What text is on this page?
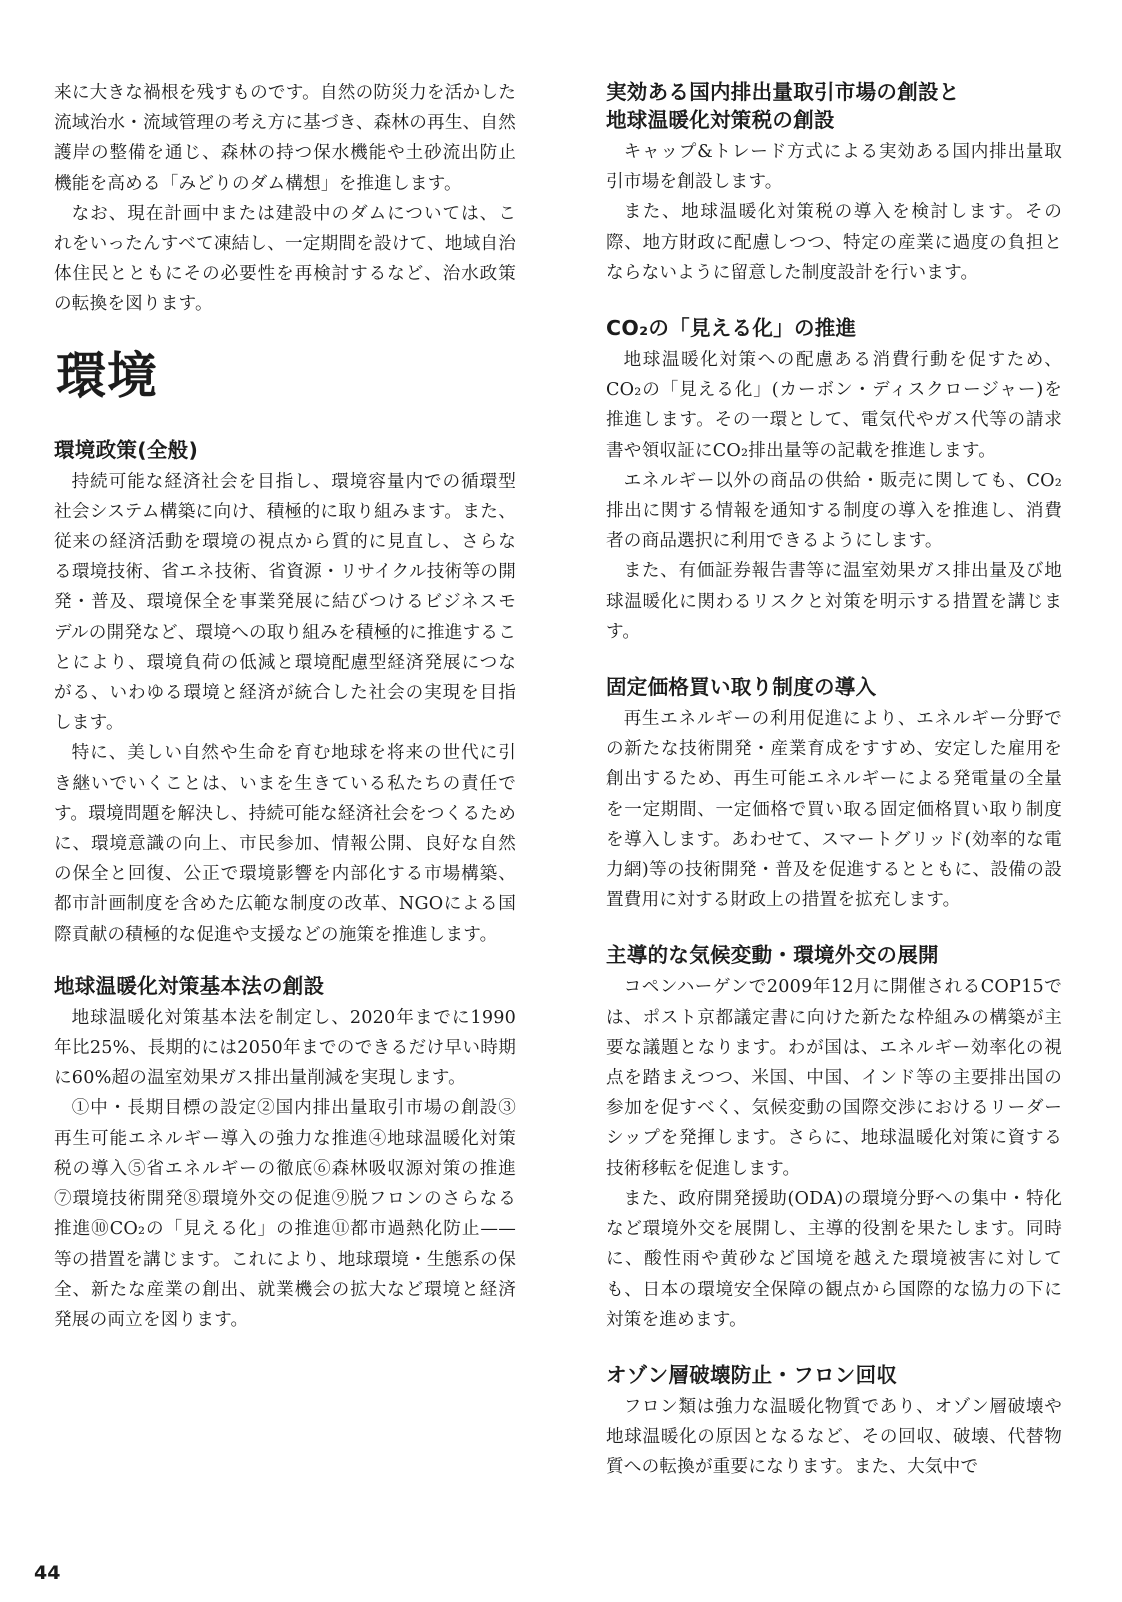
来に大きな禍根を残すものです。自然の防災力を活かした流域治水・流域管理の考え方に基づき、森林の再生、自然護岸の整備を通じ、森林の持つ保水機能や土砂流出防止機能を高める「みどりのダム構想」を推進します。

なお、現在計画中または建設中のダムについては、これをいったんすべて凍結し、一定期間を設けて、地域自治体住民とともにその必要性を再検討するなど、治水政策の転換を図ります。

環境
環境政策(全般)

持続可能な経済社会を目指し、環境容量内での循環型社会システム構築に向け、積極的に取り組みます。また、従来の経済活動を環境の視点から質的に見直し、さらなる環境技術、省エネ技術、省資源・リサイクル技術等の開発・普及、環境保全を事業発展に結びつけるビジネスモデルの開発など、環境への取り組みを積極的に推進することにより、環境負荷の低減と環境配慮型経済発展につながる、いわゆる環境と経済が統合した社会の実現を目指します。

特に、美しい自然や生命を育む地球を将来の世代に引き継いでいくことは、いまを生きている私たちの責任です。環境問題を解決し、持続可能な経済社会をつくるために、環境意識の向上、市民参加、情報公開、良好な自然の保全と回復、公正で環境影響を内部化する市場構築、都市計画制度を含めた広範な制度の改革、NGOによる国際貢献の積極的な促進や支援などの施策を推進します。

地球温暖化対策基本法の創設

地球温暖化対策基本法を制定し、2020年までに1990年比25%、長期的には2050年までのできるだけ早い時期に60%超の温室効果ガス排出量削減を実現します。

①中・長期目標の設定②国内排出量取引市場の創設③再生可能エネルギー導入の強力な推進④地球温暖化対策税の導入⑤省エネルギーの徹底⑥森林吸収源対策の推進⑦環境技術開発⑧環境外交の促進⑨脱フロンのさらなる推進⑩CO₂の「見える化」の推進⑪都市過熱化防止——等の措置を講じます。これにより、地球環境・生態系の保全、新たな産業の創出、就業機会の拡大など環境と経済発展の両立を図ります。

実効ある国内排出量取引市場の創設と
地球温暖化対策税の創設

キャップ&トレード方式による実効ある国内排出量取引市場を創設します。

また、地球温暖化対策税の導入を検討します。その際、地方財政に配慮しつつ、特定の産業に過度の負担とならないように留意した制度設計を行います。

CO₂の「見える化」の推進

地球温暖化対策への配慮ある消費行動を促すため、CO₂の「見える化」(カーボン・ディスクロージャー)を推進します。その一環として、電気代やガス代等の請求書や領収証にCO₂排出量等の記載を推進します。

エネルギー以外の商品の供給・販売に関しても、CO₂排出に関する情報を通知する制度の導入を推進し、消費者の商品選択に利用できるようにします。

また、有価証券報告書等に温室効果ガス排出量及び地球温暖化に関わるリスクと対策を明示する措置を講じます。

固定価格買い取り制度の導入

再生エネルギーの利用促進により、エネルギー分野での新たな技術開発・産業育成をすすめ、安定した雇用を創出するため、再生可能エネルギーによる発電量の全量を一定期間、一定価格で買い取る固定価格買い取り制度を導入します。あわせて、スマートグリッド(効率的な電力網)等の技術開発・普及を促進するとともに、設備の設置費用に対する財政上の措置を拡充します。

主導的な気候変動・環境外交の展開

コペンハーゲンで2009年12月に開催されるCOP15では、ポスト京都議定書に向けた新たな枠組みの構築が主要な議題となります。わが国は、エネルギー効率化の視点を踏まえつつ、米国、中国、インド等の主要排出国の参加を促すべく、気候変動の国際交渉におけるリーダーシップを発揮します。さらに、地球温暖化対策に資する技術移転を促進します。

また、政府開発援助(ODA)の環境分野への集中・特化など環境外交を展開し、主導的役割を果たします。同時に、酸性雨や黄砂など国境を越えた環境被害に対しても、日本の環境安全保障の観点から国際的な協力の下に対策を進めます。

オゾン層破壊防止・フロン回収

フロン類は強力な温暖化物質であり、オゾン層破壊や地球温暖化の原因となるなど、その回収、破壊、代替物質への転換が重要になります。また、大気中で

44
